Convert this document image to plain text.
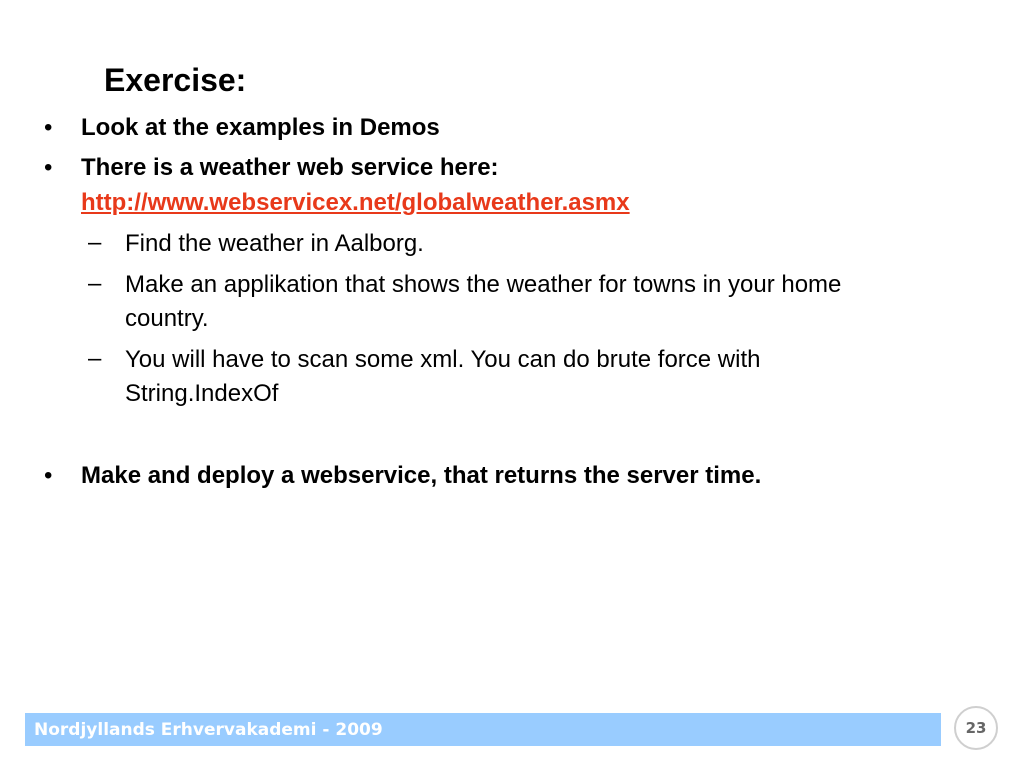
Exercise:
• Look at the examples in Demos
• There is a weather web service here:
http://www.webservicex.net/globalweather.asmx
– Find the weather in Aalborg.
– Make an applikation that shows the weather for towns in your home
country.
– You will have to scan some xml. You can do brute force with
String.IndexOf
• Make and deploy a webservice, that returns the server time.
Nordjyllands Erhvervakademi - 2009	23
